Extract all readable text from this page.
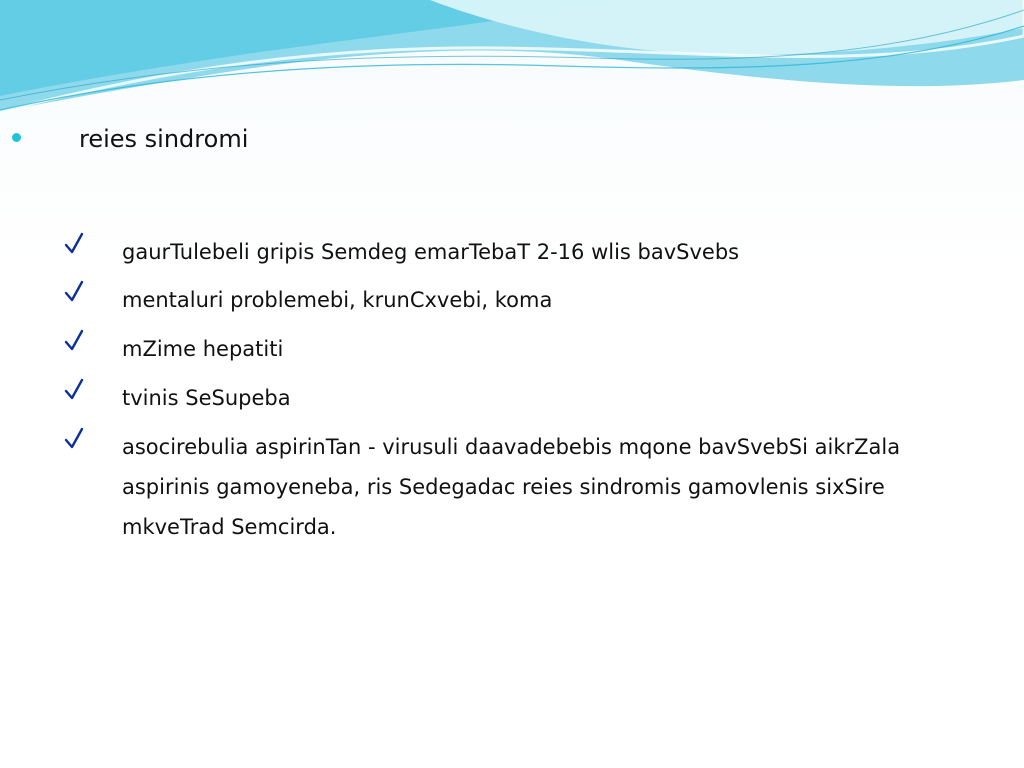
reies sindromi
gaurTulebeli gripis Semdeg emarTebaT 2-16 wlis bavSvebs
mentaluri problemebi, krunCxvebi, koma
mZime hepatiti
tvinis SeSupeba
asocirebulia aspirinTan - virusuli daavadebebis mqone bavSvebSi aikrZala aspirinis gamoyeneba, ris Sedegadac reies sindromis gamovlenis sixSire mkveTrad Semcirda.
